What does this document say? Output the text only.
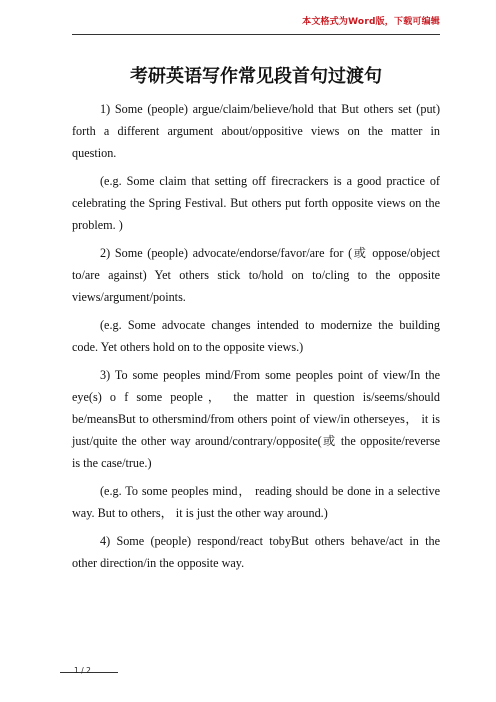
本文格式为Word版，下载可编辑
考研英语写作常见段首句过渡句

1) Some (people) argue/claim/believe/hold that But others set (put) forth a different argument about/oppositive views on the matter in question.

(e.g. Some claim that setting off firecrackers is a good practice of celebrating the Spring Festival. But others put forth opposite views on the problem. )

2) Some (people) advocate/endorse/favor/are for (或 oppose/object to/are against) Yet others stick to/hold on to/cling to the opposite views/argument/points.

(e.g. Some advocate changes intended to modernize the building code. Yet others hold on to the opposite views.)

3) To some peoples mind/From some peoples point of view/In the eye(s) o f some people， the matter in question is/seems/should be/meansBut to othersmind/from others point of view/in otherseyes， it is just/quite the other way around/contrary/opposite(或 the opposite/reverse is the case/true.)

(e.g. To some peoples mind， reading should be done in a selective way. But to others， it is just the other way around.)

4) Some (people) respond/react tobyBut others behave/act in the other direction/in the opposite way.

1 / 2
